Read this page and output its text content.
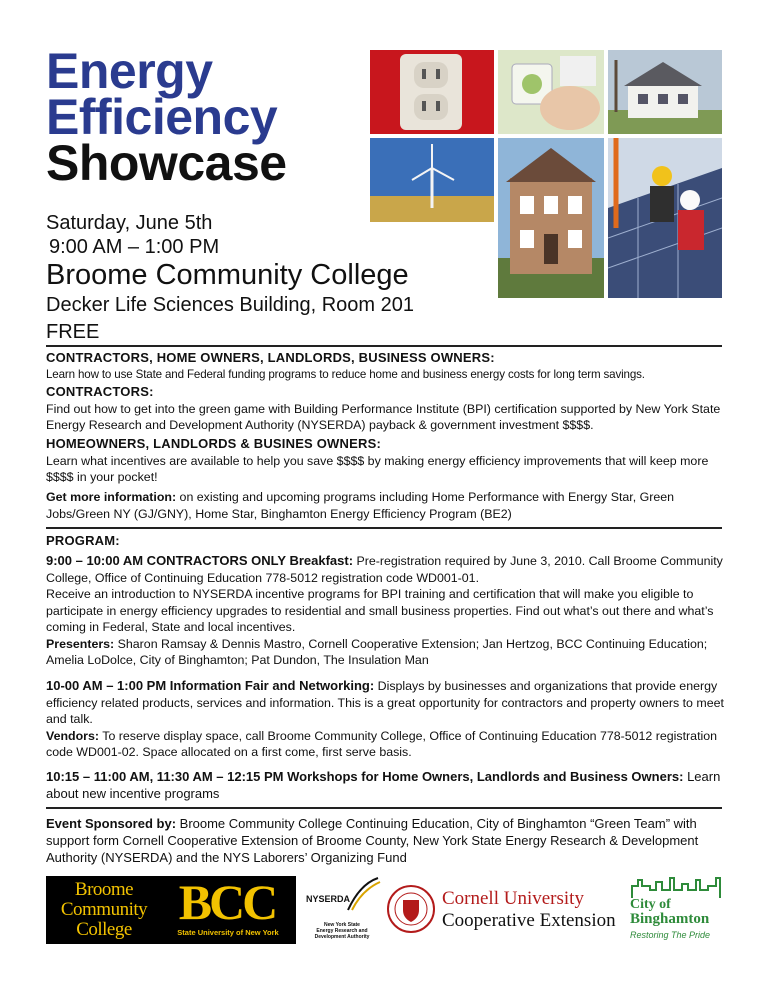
Energy
Efficiency
Showcase
Saturday, June 5th
9:00 AM – 1:00 PM
Broome Community College
Decker Life Sciences Building, Room 201
FREE
CONTRACTORS, HOME OWNERS, LANDLORDS, BUSINESS OWNERS:
Learn how to use State and Federal funding programs to reduce home and business energy costs for long term savings.
CONTRACTORS:
Find out how to get into the green game with Building Performance Institute (BPI) certification supported by New York State Energy Research and Development Authority (NYSERDA) payback & government investment $$$$.
HOMEOWNERS, LANDLORDS & BUSINES OWNERS:
Learn what incentives are available to help you save $$$$ by making energy efficiency improvements that will keep more $$$$ in your pocket!
Get more information: on existing and upcoming programs including Home Performance with Energy Star, Green Jobs/Green NY (GJ/GNY), Home Star, Binghamton Energy Efficiency Program (BE2)
PROGRAM:
9:00 – 10:00 AM CONTRACTORS ONLY Breakfast: Pre-registration required by June 3, 2010. Call Broome Community College, Office of Continuing Education 778-5012 registration code WD001-01.
Receive an introduction to NYSERDA incentive programs for BPI training and certification that will make you eligible to participate in energy efficiency upgrades to residential and small business properties. Find out what’s out there and what’s coming in Federal, State and local incentives.
Presenters: Sharon Ramsay & Dennis Mastro, Cornell Cooperative Extension; Jan Hertzog, BCC Continuing Education; Amelia LoDolce, City of Binghamton; Pat Dundon, The Insulation Man
10-00 AM – 1:00 PM Information Fair and Networking: Displays by businesses and organizations that provide energy efficiency related products, services and information. This is a great opportunity for contractors and property owners to meet and talk.
Vendors: To reserve display space, call Broome Community College, Office of Continuing Education 778-5012 registration code WD001-02. Space allocated on a first come, first serve basis.
10:15 – 11:00 AM, 11:30 AM – 12:15 PM Workshops for Home Owners, Landlords and Business Owners: Learn about new incentive programs
Event Sponsored by: Broome Community College Continuing Education, City of Binghamton “Green Team” with support form Cornell Cooperative Extension of Broome County, New York State Energy Research & Development Authority (NYSERDA) and the NYS Laborers’ Organizing Fund
Broome
Community
College BCC
State University of New York
NYSERDA
New York State
Energy Research and
Development Authority
Cornell University
Cooperative Extension
City of
Binghamton
Restoring The Pride
